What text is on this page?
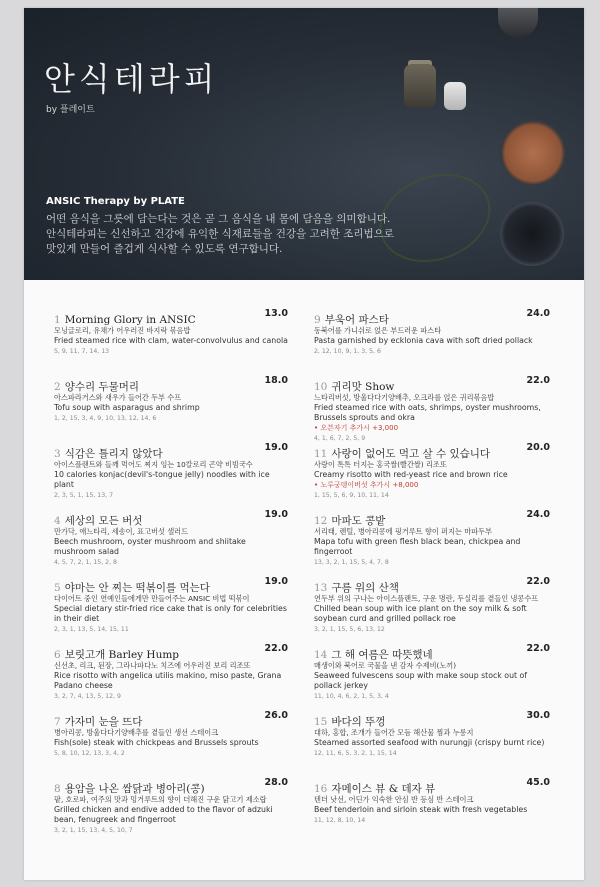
안식테라피
by 플레이트
ANSIC Therapy by PLATE
어떤 음식을 그릇에 담는다는 것은 곧 그 음식을 내 몸에 담음을 의미합니다.
안식테라피는 신선하고 건강에 유익한 식재료들을 건강을 고려한 조리법으로
맛있게 만들어 즐겁게 식사할 수 있도록 연구합니다.
1 Morning Glory in ANSIC
13.0
모닝글로리, 유채가 어우러진 바지락 볶음밥
Fried steamed rice with clam, water-convolvulus and canola
5, 9, 11, 7, 14, 13
2 양수리 두물머리
18.0
아스파라거스와 새우가 들어간 두부 수프
Tofu soup with asparagus and shrimp
1, 2, 15, 3, 4, 9, 10, 13, 12, 14, 6
3 식감은 틀리지 않았다
19.0
아이스플랜트와 들깨 먹어도 찌지 잉는 10칼로리 곤약 비빔국수
10 calories konjac(devil's-tongue jelly) noodles with ice plant
2, 3, 5, 1, 15, 13, 7
4 세상의 모든 버섯
19.0
만가닥, 애느타리, 세송이, 표고버섯 샐러드
Beech mushroom, oyster mushroom and shiitake mushroom salad
4, 5, 7, 2, 1, 15, 2, 8
5 야마는 안 찌는 떡볶이를 먹는다
19.0
다이어트 중인 연예인들에게만 만들어주는 ANSIC 비법 떡볶이
Special dietary stir-fried rice cake that is only for celebrities in their diet
2, 3, 1, 13, 5, 14, 15, 11
6 보릿고개 Barley Hump
22.0
신선초, 리크, 된장, 그라나파다노 치즈에 어우러진 보리 리조또
Rice risotto with angelica utilis makino, miso paste, Grana Padano cheese
3, 2, 7, 4, 13, 5, 12, 9
7 가자미 눈을 뜨다
26.0
병아리콩, 방울다다기양배추를 곁들인 생선 스테이크
Fish(sole) steak with chickpeas and Brussels sprouts
5, 8, 10, 12, 13, 3, 4, 2
8 용암을 나온 쌈닭과 병아리(콩)
28.0
팥, 호로파, 여주의 맛과 밍거루트의 향이 더해진 구운 닭고기 제소랍
Grilled chicken and endive added to the flavor of adzuki bean, fenugreek and fingerroot
3, 2, 1, 15, 13, 4, 5, 10, 7
9 부욱어 파스타
24.0
동북어를 가니쉬로 얹은 부드러운 파스타
Pasta garnished by ecklonia cava with soft dried pollack
2, 12, 10, 9, 1, 3, 5, 6
10 귀리맛 Show
22.0
느타리버섯, 방울다다기양배추, 오크라를 얹은 귀리볶음밥
Fried steamed rice with oats, shrimps, oyster mushrooms, Brussels sprouts and okra
• 오븐자기 추가시 +3,000
4, 1, 6, 7, 2, 5, 9
11 사랑이 없어도 먹고 살 수 있습니다
20.0
사랑이 톡톡 터지는 홍국쌀(빨간쌀) 리조또
Creamy risotto with red-yeast rice and brown rice
• 노루궁뎅이버섯 추가시 +8,000
1, 15, 5, 6, 9, 10, 11, 14
12 마파도 콩밭
24.0
서리태, 렌틸, 병아리콩에 핑거루트 향이 퍼지는 마파두부
Mapa tofu with green flesh black bean, chickpea and fingerroot
13, 3, 2, 1, 15, 5, 4, 7, 8
13 구름 위의 산책
22.0
연두부 위의 구나는 아이스플랜트, 구운 명란, 두실리를 곁들인 냉콩수프
Chilled bean soup with ice plant on the soy milk & soft soybean curd and grilled pollack roe
3, 2, 1, 15, 5, 6, 13, 12
14 그 해 여름은 따뜻했네
22.0
매생이와 북어로 국물을 낸 감자 수제비(노끼)
Seaweed fulvescens soup with make soup stock out of pollack jerkey
11, 10, 4, 6, 2, 1, 5, 3, 4
15 바다의 뚜껑
30.0
대하, 홍합, 조개가 들어간 모듬 해산물 찜과 누룽지
Steamed assorted seafood with nurungji (crispy burnt rice)
12, 11, 6, 5, 3, 2, 1, 15, 14
16 자메이스 뷰 & 데자 뷰
45.0
텐더 낫선, 어딘가 익숙한 안심 반 등심 반 스테이크
Beef tenderloin and sirloin steak with fresh vegetables
11, 12, 8, 10, 14
